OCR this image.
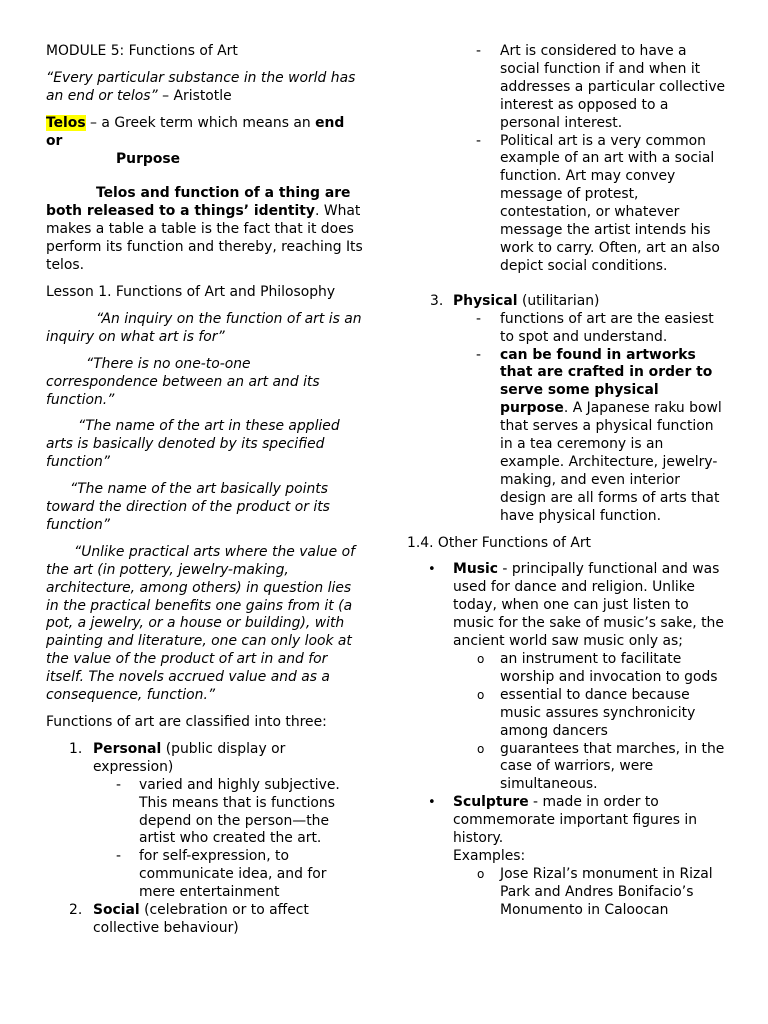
MODULE 5: Functions of Art

“Every particular substance in the world has an end or telos” – Aristotle

Telos – a Greek term which means an end or

Purpose

Telos and function of a thing are both released to a things’ identity. What makes a table a table is the fact that it does perform its function and thereby, reaching Its telos.

Lesson 1. Functions of Art and Philosophy

“An inquiry on the function of art is an inquiry on what art is for”

“There is no one-to-one correspondence between an art and its function.”

“The name of the art in these applied arts is basically denoted by its specified function”

“The name of the art basically points toward the direction of the product or its function”

“Unlike practical arts where the value of the art (in pottery, jewelry-making, architecture, among others) in question lies in the practical benefits one gains from it (a pot, a jewelry, or a house or building), with painting and literature, one can only look at the value of the product of art in and for itself. The novels accrued value and as a consequence, function.”

Functions of art are classified into three:

1. Personal (public display or expression)
- varied and highly subjective. This means that is functions depend on the person—the artist who created the art.
- for self-expression, to communicate idea, and for mere entertainment
2. Social (celebration or to affect collective behaviour)
- Art is considered to have a social function if and when it addresses a particular collective interest as opposed to a personal interest.
- Political art is a very common example of an art with a social function. Art may convey message of protest, contestation, or whatever message the artist intends his work to carry. Often, art an also depict social conditions.
3. Physical (utilitarian)
- functions of art are the easiest to spot and understand.
- can be found in artworks that are crafted in order to serve some physical purpose. A Japanese raku bowl that serves a physical function in a tea ceremony is an example. Architecture, jewelry-making, and even interior design are all forms of arts that have physical function.

1.4. Other Functions of Art

• Music - principally functional and was used for dance and religion. Unlike today, when one can just listen to music for the sake of music’s sake, the ancient world saw music only as;
o an instrument to facilitate worship and invocation to gods
o essential to dance because music assures synchronicity among dancers
o guarantees that marches, in the case of warriors, were simultaneous.
• Sculpture - made in order to commemorate important figures in history.

Examples:

o Jose Rizal’s monument in Rizal Park and Andres Bonifacio’s Monumento in Caloocan
